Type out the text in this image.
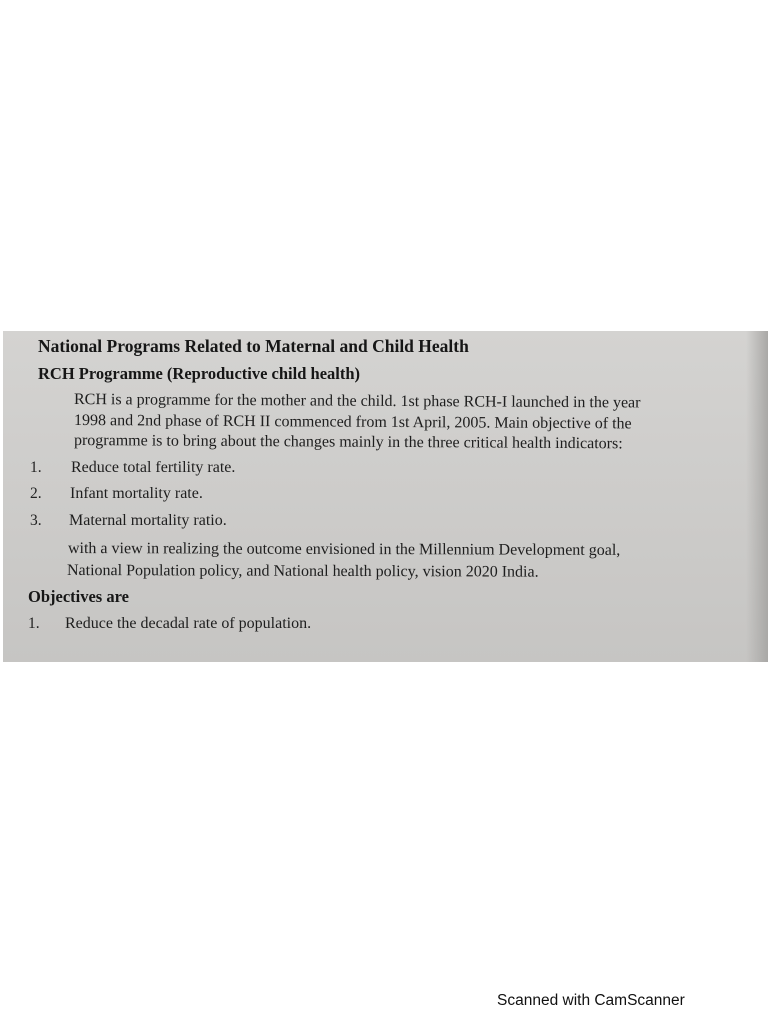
National Programs Related to Maternal and Child Health
RCH Programme (Reproductive child health)
RCH is a programme for the mother and the child. 1st phase RCH-I launched in the year
1998 and 2nd phase of RCH II commenced from 1st April, 2005. Main objective of the
programme is to bring about the changes mainly in the three critical health indicators:
1. Reduce total fertility rate.
2. Infant mortality rate.
3. Maternal mortality ratio.
with a view in realizing the outcome envisioned in the Millennium Development goal,
National Population policy, and National health policy, vision 2020 India.
Objectives are
1. Reduce the decadal rate of population.
Scanned with CamScanner
